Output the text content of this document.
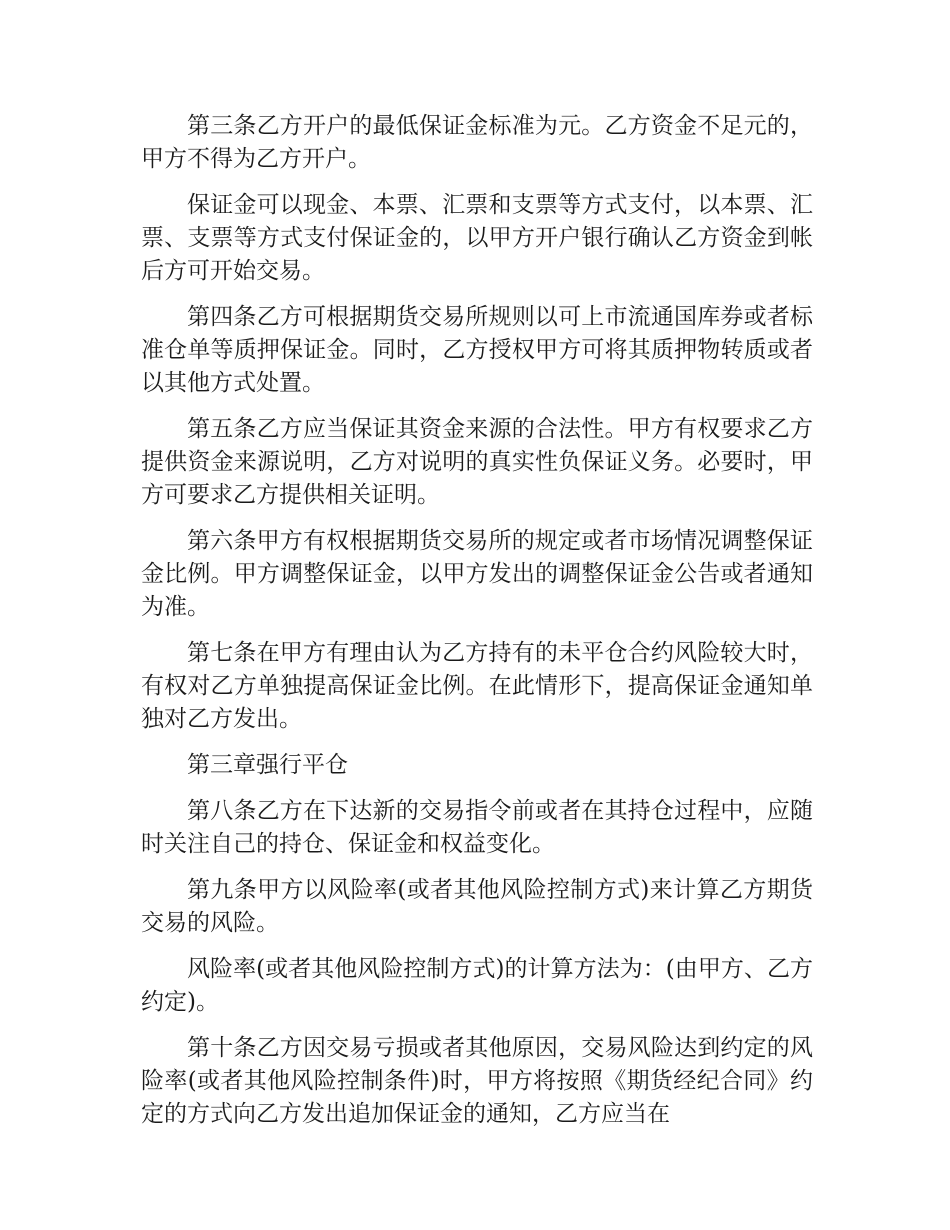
第三条乙方开户的最低保证金标准为元。乙方资金不足元的，甲方不得为乙方开户。

保证金可以现金、本票、汇票和支票等方式支付，以本票、汇票、支票等方式支付保证金的，以甲方开户银行确认乙方资金到帐后方可开始交易。

第四条乙方可根据期货交易所规则以可上市流通国库券或者标准仓单等质押保证金。同时，乙方授权甲方可将其质押物转质或者以其他方式处置。

第五条乙方应当保证其资金来源的合法性。甲方有权要求乙方提供资金来源说明，乙方对说明的真实性负保证义务。必要时，甲方可要求乙方提供相关证明。

第六条甲方有权根据期货交易所的规定或者市场情况调整保证金比例。甲方调整保证金，以甲方发出的调整保证金公告或者通知为准。

第七条在甲方有理由认为乙方持有的未平仓合约风险较大时，有权对乙方单独提高保证金比例。在此情形下，提高保证金通知单独对乙方发出。

第三章强行平仓

第八条乙方在下达新的交易指令前或者在其持仓过程中，应随时关注自己的持仓、保证金和权益变化。

第九条甲方以风险率(或者其他风险控制方式)来计算乙方期货交易的风险。

风险率(或者其他风险控制方式)的计算方法为：(由甲方、乙方约定)。

第十条乙方因交易亏损或者其他原因，交易风险达到约定的风险率(或者其他风险控制条件)时，甲方将按照《期货经纪合同》约定的方式向乙方发出追加保证金的通知，乙方应当在
